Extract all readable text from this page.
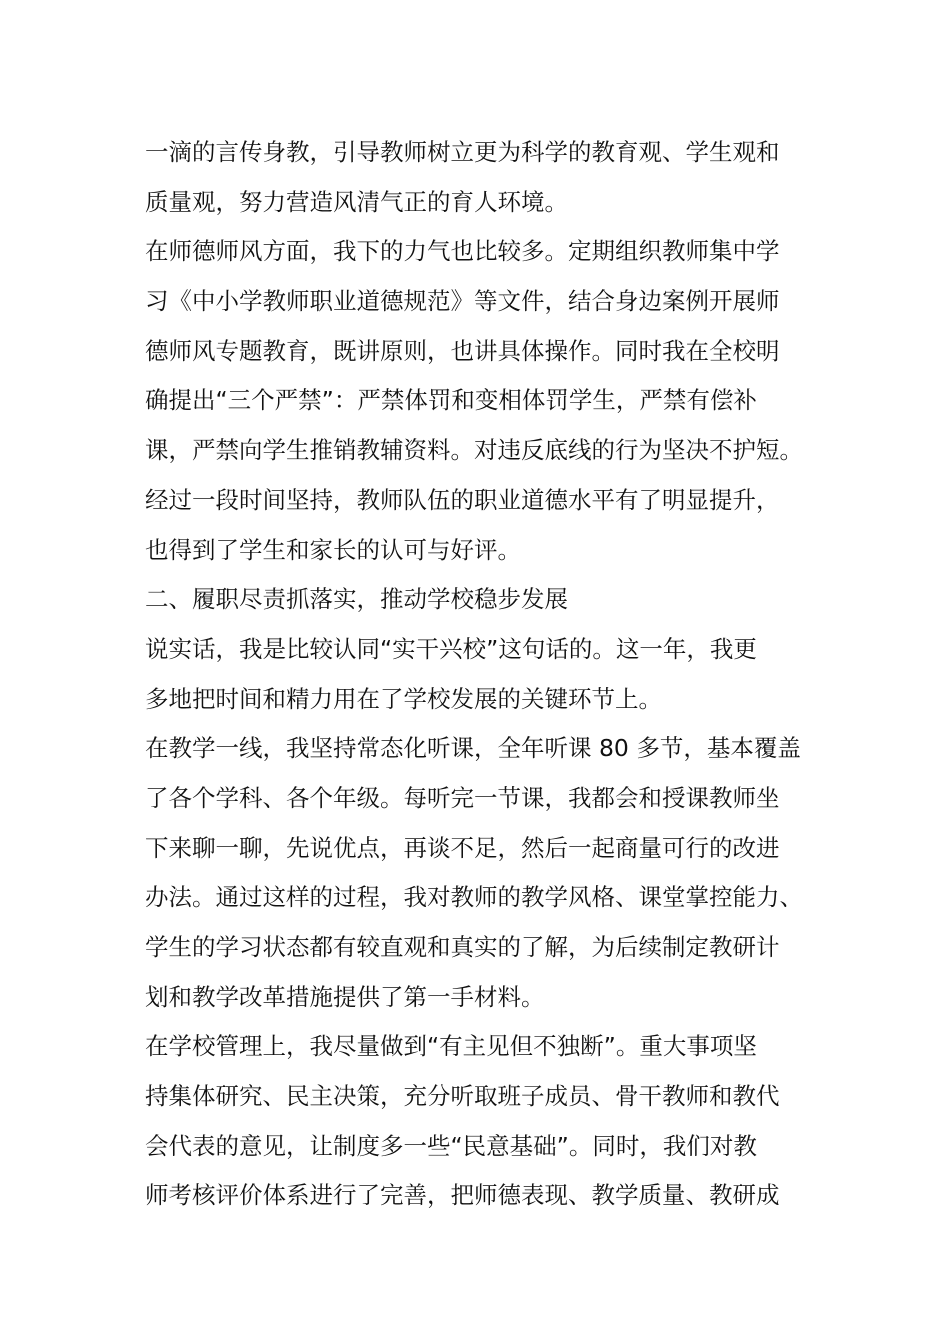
一滴的言传身教，引导教师树立更为科学的教育观、学生观和
质量观，努力营造风清气正的育人环境。
在师德师风方面，我下的力气也比较多。定期组织教师集中学
习《中小学教师职业道德规范》等文件，结合身边案例开展师
德师风专题教育，既讲原则，也讲具体操作。同时我在全校明
确提出“三个严禁”：严禁体罚和变相体罚学生，严禁有偿补
课，严禁向学生推销教辅资料。对违反底线的行为坚决不护短。
经过一段时间坚持，教师队伍的职业道德水平有了明显提升，
也得到了学生和家长的认可与好评。
二、履职尽责抓落实，推动学校稳步发展
说实话，我是比较认同“实干兴校”这句话的。这一年，我更
多地把时间和精力用在了学校发展的关键环节上。
在教学一线，我坚持常态化听课，全年听课 80 多节，基本覆盖
了各个学科、各个年级。每听完一节课，我都会和授课教师坐
下来聊一聊，先说优点，再谈不足，然后一起商量可行的改进
办法。通过这样的过程，我对教师的教学风格、课堂掌控能力、
学生的学习状态都有较直观和真实的了解，为后续制定教研计
划和教学改革措施提供了第一手材料。
在学校管理上，我尽量做到“有主见但不独断”。重大事项坚
持集体研究、民主决策，充分听取班子成员、骨干教师和教代
会代表的意见，让制度多一些“民意基础”。同时，我们对教
师考核评价体系进行了完善，把师德表现、教学质量、教研成
